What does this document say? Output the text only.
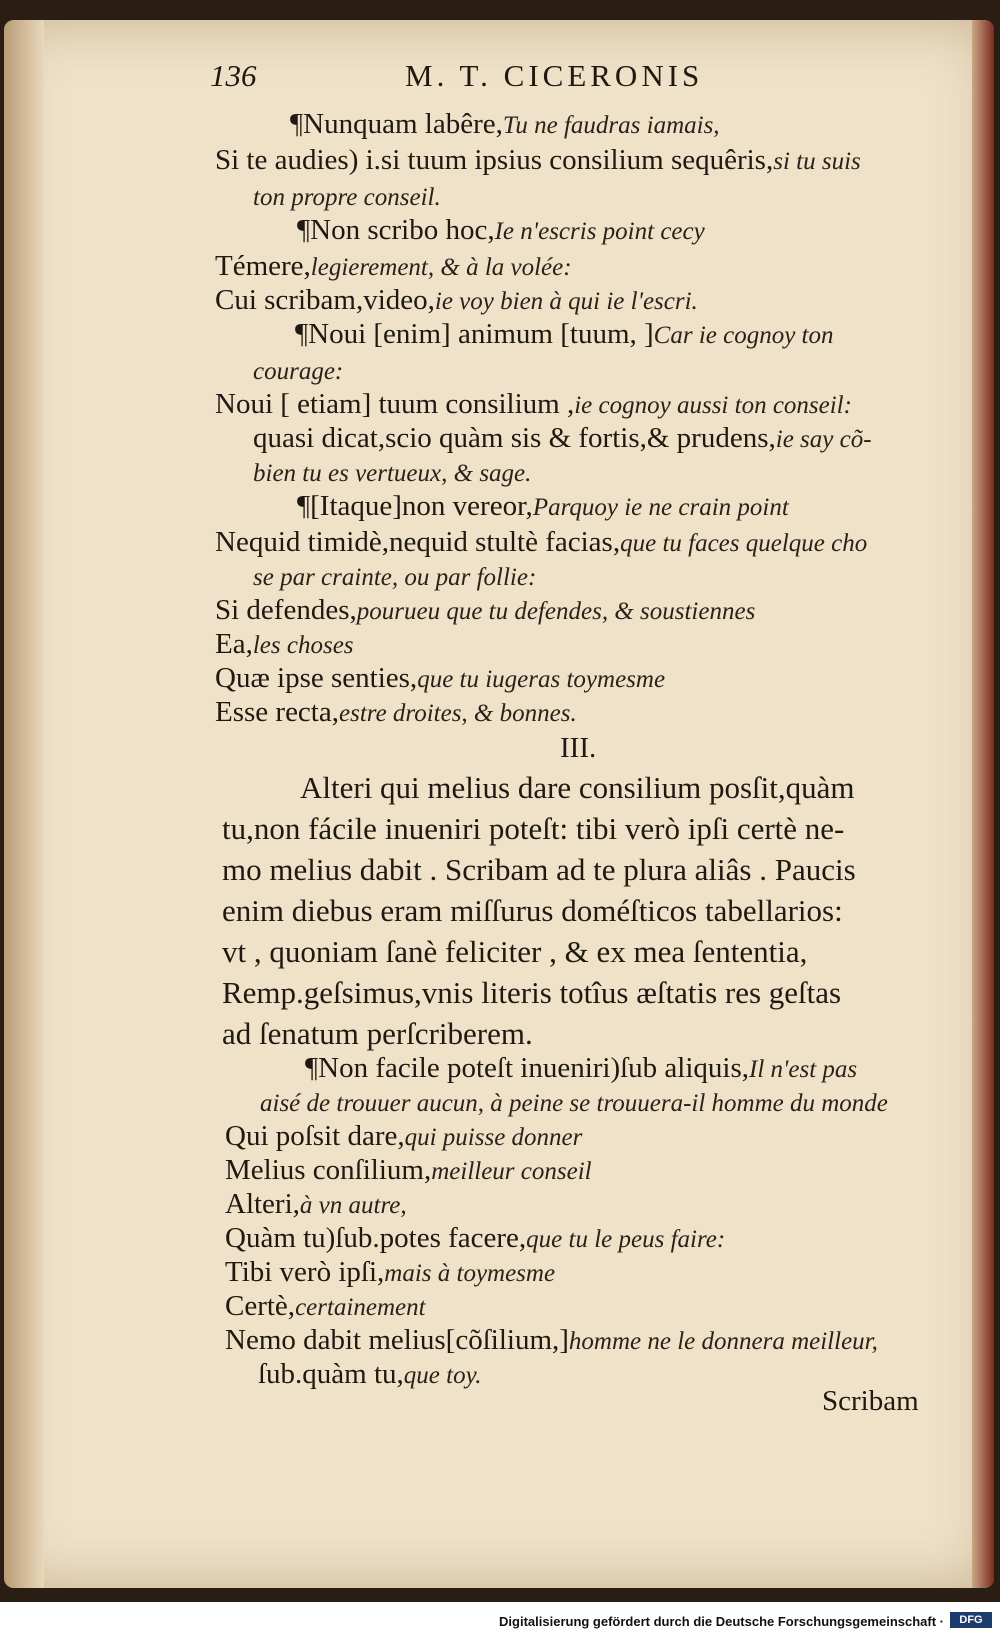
136	M. T. CICERONIS
¶Nunquam labêre,Tu ne faudras iamais,
Si te audies) i.si tuum ipsius consilium sequêris,si tu suis
ton propre conseil.
¶Non scribo hoc,Ie n'escris point cecy
Témere,legierement, & à la volée:
Cui scribam,video,ie voy bien à qui ie l'escri.
¶Noui [enim] animum [tuum, ]Car ie cognoy ton
courage:
Noui [ etiam] tuum consilium ,ie cognoy aussi ton conseil:
quasi dicat,scio quàm sis & fortis,& prudens,ie say cõ-
bien tu es vertueux, & sage.
¶[Itaque]non vereor,Parquoy ie ne crain point
Nequid timidè,nequid stultè facias,que tu faces quelque cho
se par crainte, ou par follie:
Si defendes,pourueu que tu defendes, & soustiennes
Ea,les choses
Quæ ipse senties,que tu iugeras toymesme
Esse recta,estre droites, & bonnes.
III.
Alteri qui melius dare consilium posſit,quàm
tu,non fácile inueniri poteſt: tibi verò ipſi certè ne-
mo melius dabit . Scribam ad te plura aliâs . Paucis
enim diebus eram miſſurus doméſticos tabellarios:
vt , quoniam ſanè feliciter , & ex mea ſententia,
Remp.geſsimus,vnis literis totîus æſtatis res geſtas
ad ſenatum perſcriberem.
¶Non facile poteſt inueniri)ſub aliquis,Il n'est pas
aisé de trouuer aucun, à peine se trouuera-il homme du monde
Qui poſsit dare,qui puisse donner
Melius conſilium,meilleur conseil
Alteri,à vn autre,
Quàm tu)ſub.potes facere,que tu le peus faire:
Tibi verò ipſi,mais à toymesme
Certè,certainement
Nemo dabit melius[cõſilium,]homme ne le donnera meilleur,
ſub.quàm tu,que toy.
Scribam
Digitalisierung gefördert durch die Deutsche Forschungsgemeinschaft ·	DFG
